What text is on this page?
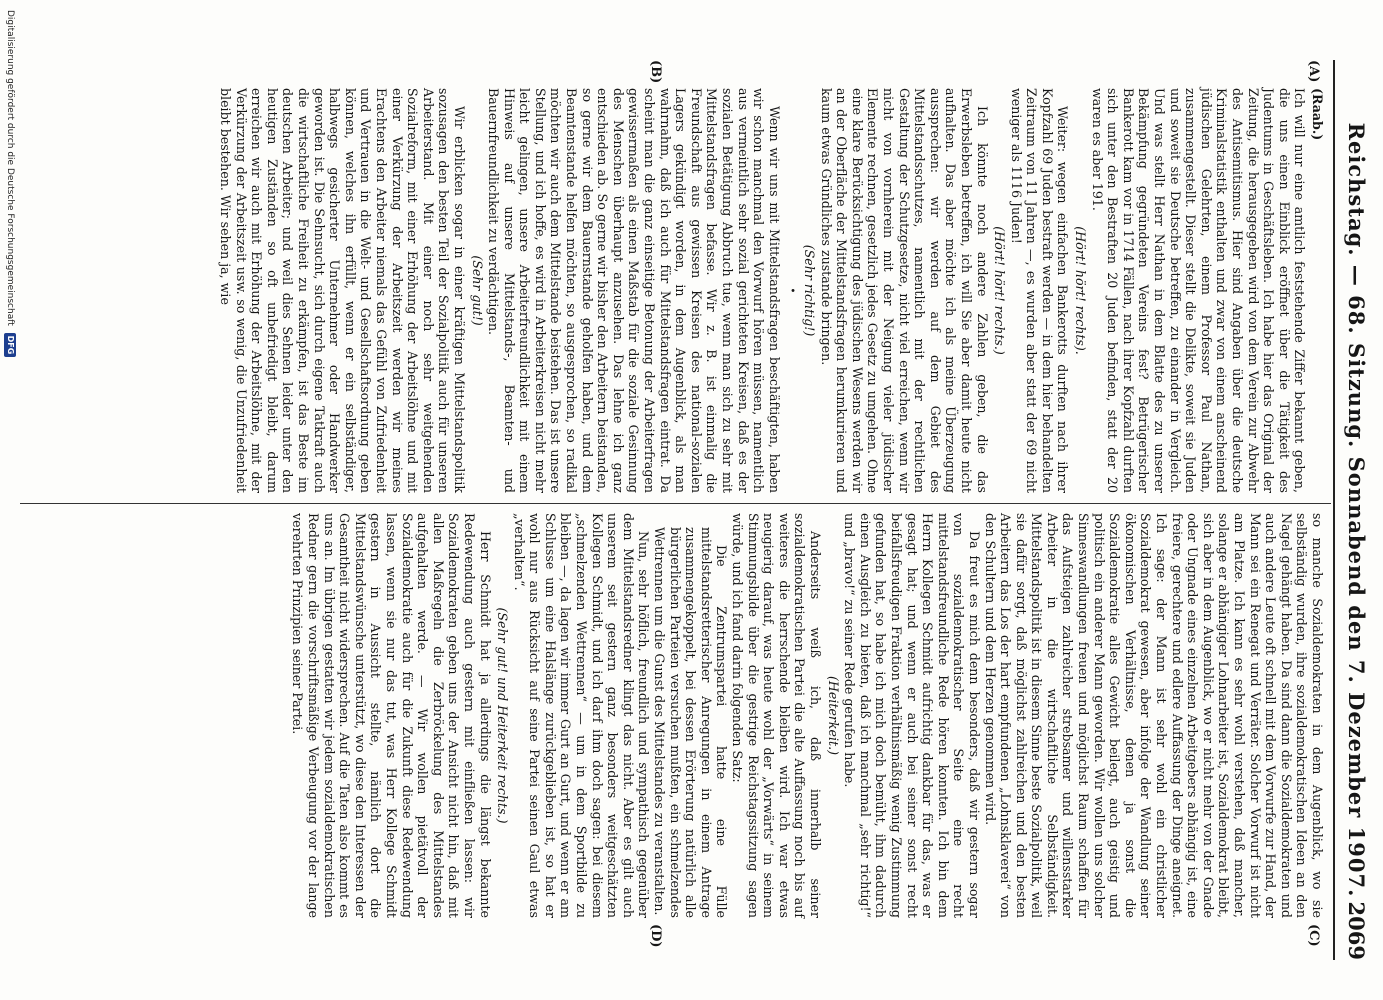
Reichstag. — 68. Sitzung. Sonnabend den 7. Dezember 1907.
2069
(A)
(B)
(C)
(D)

(Raab.)

Ich will nur eine amtlich feststehende Ziffer bekannt geben, die uns einen Einblick eröffnet über die Tätigkeit des Judentums in Geschäftsleben. Ich habe hier das Original der Zeitung, die herausgegeben wird von dem Verein zur Abwehr des Antisemitismus. Hier sind Angaben über die deutsche Kriminalstatistik enthalten und zwar von einem anscheinend jüdischen Gelehrten, einem Professor Paul Nathan, zusammengestellt. Dieser stellt die Delikte, soweit sie Juden und soweit sie Deutsche betreffen, zu einander in Vergleich. Und was stellt Herr Nathan in dem Blatte des zu unserer Bekämpfung gegründeten Vereins fest? Betrügerischer Bankerott kam vor in 1714 Fällen, nach ihrer Kopfzahl durften sich unter den Bestraften 20 Juden befinden, statt der 20 waren es aber 191.

(Hört! hört! rechts).

Weiter: wegen einfachen Bankerotts durften nach ihrer Kopfzahl 69 Juden bestraft werden — in dem hier behandelten Zeitraum von 11 Jahren —, es wurden aber statt der 69 nicht weniger als 1116 Juden!

(Hört! hört! rechts.)

Ich könnte noch andere Zahlen geben, die das Erwerbsleben betreffen, ich will Sie aber damit heute nicht aufhalten. Das aber möchte ich als meine Überzeugung aussprechen: wir werden auf dem Gebiet des Mittelstandsschutzes, namentlich mit der rechtlichen Gestaltung der Schutzgesetze, nicht viel erreichen, wenn wir nicht von vornherein mit der Neigung vieler jüdischer Elemente rechnen, gesetzlich jedes Gesetz zu umgehen. Ohne eine klare Berücksichtigung des jüdischen Wesens werden wir an der Oberfläche der Mittelstandsfragen herumkurieren und kaum etwas Gründliches zustande bringen.

(Sehr richtig!)

•

Wenn wir uns mit Mittelstandsfragen beschäftigten, haben wir schon manchmal den Vorwurf hören müssen, namentlich aus vermeintlich sehr sozial gerichteten Kreisen, daß es der sozialen Betätigung Abbruch tue, wenn man sich zu sehr mit Mittelstandsfragen befasse. Wir z. B. ist einmalig die Freundschaft aus gewissen Kreisen des national-sozialen Lagers gekündigt worden, in dem Augenblick, als man wahrnahm, daß ich auch für Mittelstandsfragen eintrat. Da scheint man die ganz einseitige Betonung der Arbeiterfragen gewissermaßen als einen Maßstab für die soziale Gesinnung des Menschen überhaupt anzusehen. Das lehne ich ganz entschieden ab. So gerne wir bisher den Arbeitern beistanden, so gerne wir dem Bauernstande geholfen haben, und dem Beamtenstande helfen möchten, so ausgesprochen, so radikal möchten wir auch dem Mittelstande beistehen. Das ist unsere Stellung, und ich hoffe, es wird in Arbeiterkreisen nicht mehr leicht gelingen, unsere Arbeiterfreundlichkeit mit einem Hinweis auf unsere Mittelstands-, Beamten- und Bauernfreundlichkeit zu verdächtigen.

(Sehr gut!)

Wir erblicken sogar in einer kräftigen Mittelstandspolitik sozusagen den besten Teil der Sozialpolitik auch für unseren Arbeiterstand. Mit einer noch sehr weitgehenden Sozialreform, mit einer Erhöhung der Arbeitslöhne und mit einer Verkürzung der Arbeitszeit werden wir meines Erachtens den Arbeiter niemals das Gefühl von Zufriedenheit und Vertrauen in die Welt- und Gesellschaftsordnung geben können, welches ihn erfüllt, wenn er ein selbständiger, halbwegs gesicherter Unternehmer oder Handwerker geworden ist. Die Sehnsucht, sich durch eigene Tatkraft auch die wirtschaftliche Freiheit zu erkämpfen, ist das Beste im deutschen Arbeiter; und weil dies Sehnen leider unter den heutigen Zuständen so oft unbefriedigt bleibt, darum erreichen wir auch mit Erhöhung der Arbeitslöhne, mit der Verkürzung der Arbeitszeit usw. so wenig, die Unzufriedenheit bleibt bestehen. Wir sehen ja, wie

so manche Sozialdemokraten in dem Augenblick, wo sie selbständig wurden, ihre sozialdemokratischen Ideen an den Nagel gehängt haben. Da sind dann die Sozialdemokraten und auch andere Leute oft schnell mit dem Vorwurfe zur Hand, der Mann sei ein Renegat und Verräter. Solcher Vorwurf ist nicht am Platze. Ich kann es sehr wohl verstehen, daß mancher, solange er abhängiger Lohnarbeiter ist, Sozialdemokrat bleibt, sich aber in dem Augenblick, wo er nicht mehr von der Gnade oder Ungnade eines einzelnen Arbeitgebers abhängig ist, eine freiere, gerechtere und edlere Auffassung der Dinge aneignet. Ich sage: der Mann ist sehr wohl ein christlicher Sozialdemokrat gewesen, aber infolge der Wandlung seiner ökonomischen Verhältnisse, denen ja sonst die Sozialdemokratie alles Gewicht beilegt, auch geistig und politisch ein anderer Mann geworden. Wir wollen uns solcher Sinneswandlungen freuen und möglichst Raum schaffen für das Aufsteigen zahlreicher strebsamer und willensstarker Arbeiter in die wirtschaftliche Selbständigkeit. Mittelstandspolitik ist in diesem Sinne beste Sozialpolitik, weil sie dafür sorgt, daß möglichst zahlreichen und den besten Arbeitern das Los der hart empfundenen „Lohnsklaverei“ von den Schultern und dem Herzen genommen wird.

Da freut es mich denn besonders, daß wir gestern sogar von sozialdemokratischer Seite eine recht mittelstandsfreundliche Rede hören konnten. Ich bin dem Herrn Kollegen Schmidt aufrichtig dankbar für das, was er gesagt hat; und wenn er auch bei seiner sonst recht beifallsfreudigen Fraktion verhältnismäßig wenig Zustimmung gefunden hat, so habe ich mich doch bemüht, ihm dadurch einen Ausgleich zu bieten, daß ich manchmal „sehr richtig!“ und „bravo!“ zu seiner Rede gerufen habe.

(Heiterkeit.)

Anderseits weiß ich, daß innerhalb seiner sozialdemokratischen Partei die alte Auffassung noch bis auf weiteres die herrschende bleiben wird. Ich war etwas neugierig darauf, was heute wohl der „Vorwärts“ in seinem Stimmungsbilde über die gestrige Reichstagssitzung sagen würde, und ich fand darin folgenden Satz:

Die Zentrumspartei hatte eine Fülle mittelstandsretterischer Anregungen in einem Antrage zusammengekoppelt, bei dessen Erörterung natürlich alle bürgerlichen Parteien versuchen mußten, ein schmelzendes Wettrennen um die Gunst des Mittelstandes zu veranstalten.

Nun, sehr höflich, freundlich und sympathisch gegenüber dem Mittelstandsredner klingt das nicht. Aber es gilt auch unserem seit gestern ganz besonders weitgeschätzten Kollegen Schmidt, und ich darf ihm doch sagen: bei diesem „schmelzenden Wettrennen“ — um in dem Sportbilde zu bleiben —, da lagen wir immer Gurt an Gurt, und wenn er am Schlusse um eine Halslänge zurückgeblieben ist, so hat er wohl nur aus Rücksicht auf seine Partei seinen Gaul etwas „verhalten“.

(Sehr gut! und Heiterkeit rechts.)

Herr Schmidt hat ja allerdings die längst bekannte Redewendung auch gestern mit einfließen lassen: wir Sozialdemokraten geben uns der Ansicht nicht hin, daß mit allen Maßregeln die Zerbröckelung des Mittelstandes aufgehalten werde. — Wir wollen pietätvoll der Sozialdemokratie auch für die Zukunft diese Redewendung lassen, wenn sie nur das tut, was Herr Kollege Schmidt gestern in Aussicht stellte, nämlich dort die Mittelstandswünsche unterstützt, wo diese den Interessen der Gesamtheit nicht widersprechen. Auf die Taten also kommt es uns an. Im übrigen gestatten wir jedem sozialdemokratischen Redner gern die vorschriftsmäßige Verbeugung vor der lange verehrten Prinzipien seiner Partei.

Digitalisierung gefördert durch die Deutsche Forschungsgemeinschaft DFG
